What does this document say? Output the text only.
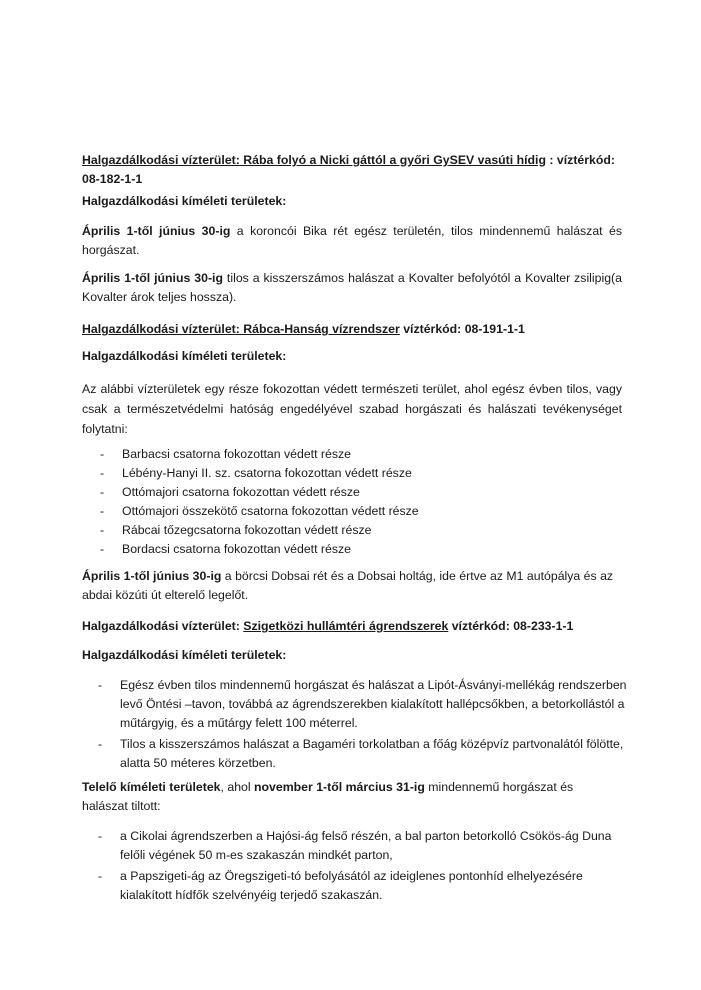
Halgazdálkodási vízterület: Rába folyó a Nicki gáttól a győri GySEV vasúti hídig : víztérkód: 08-182-1-1
Halgazdálkodási kíméleti területek:
Április 1-től június 30-ig a koroncói Bika rét egész területén, tilos mindennemű halászat és horgászat.
Április 1-től június 30-ig tilos a kisszerszámos halászat a Kovalter befolyótól a Kovalter zsilipig(a Kovalter árok teljes hossza).
Halgazdálkodási vízterület: Rábca-Hanság vízrendszer víztérkód: 08-191-1-1
Halgazdálkodási kíméleti területek:
Az alábbi vízterületek egy része fokozottan védett természeti terület, ahol egész évben tilos, vagy csak a természetvédelmi hatóság engedélyével szabad horgászati és halászati tevékenységet folytatni:
- Barbacsi csatorna fokozottan védett része
- Lébény-Hanyi II. sz. csatorna fokozottan védett része
- Ottómajori csatorna fokozottan védett része
- Ottómajori összekötő csatorna fokozottan védett része
- Rábcai tőzegcsatorna fokozottan védett része
- Bordacsi csatorna fokozottan védett része
Április 1-től június 30-ig a börcsi Dobsai rét és a Dobsai holtág, ide értve az M1 autópálya és az abdai közúti út elterelő legelőt.
Halgazdálkodási vízterület: Szigetközi hullámtéri ágrendszerek víztérkód: 08-233-1-1
Halgazdálkodási kíméleti területek:
- Egész évben tilos mindennemű horgászat és halászat a Lipót-Ásványi-mellékág rendszerben levő Öntési –tavon, továbbá az ágrendszerekben kialakított hallépcsőkben, a betorkollástól a műtárgyig, és a műtárgy felett 100 méterrel.
- Tilos a kisszerszámos halászat a Bagaméri torkolatban a főág középvíz partvonalától fölötte, alatta 50 méteres körzetben.
Telelő kíméleti területek, ahol november 1-től március 31-ig mindennemű horgászat és halászat tiltott:
- a Cikolai ágrendszerben a Hajósi-ág felső részén, a bal parton betorkolló Csökös-ág Duna felőli végének 50 m-es szakaszán mindkét parton,
- a Papszigeti-ág az Öregszigeti-tó befolyásától az ideiglenes pontonhíd elhelyezésére kialakított hídfők szelvényéig terjedő szakaszán.
